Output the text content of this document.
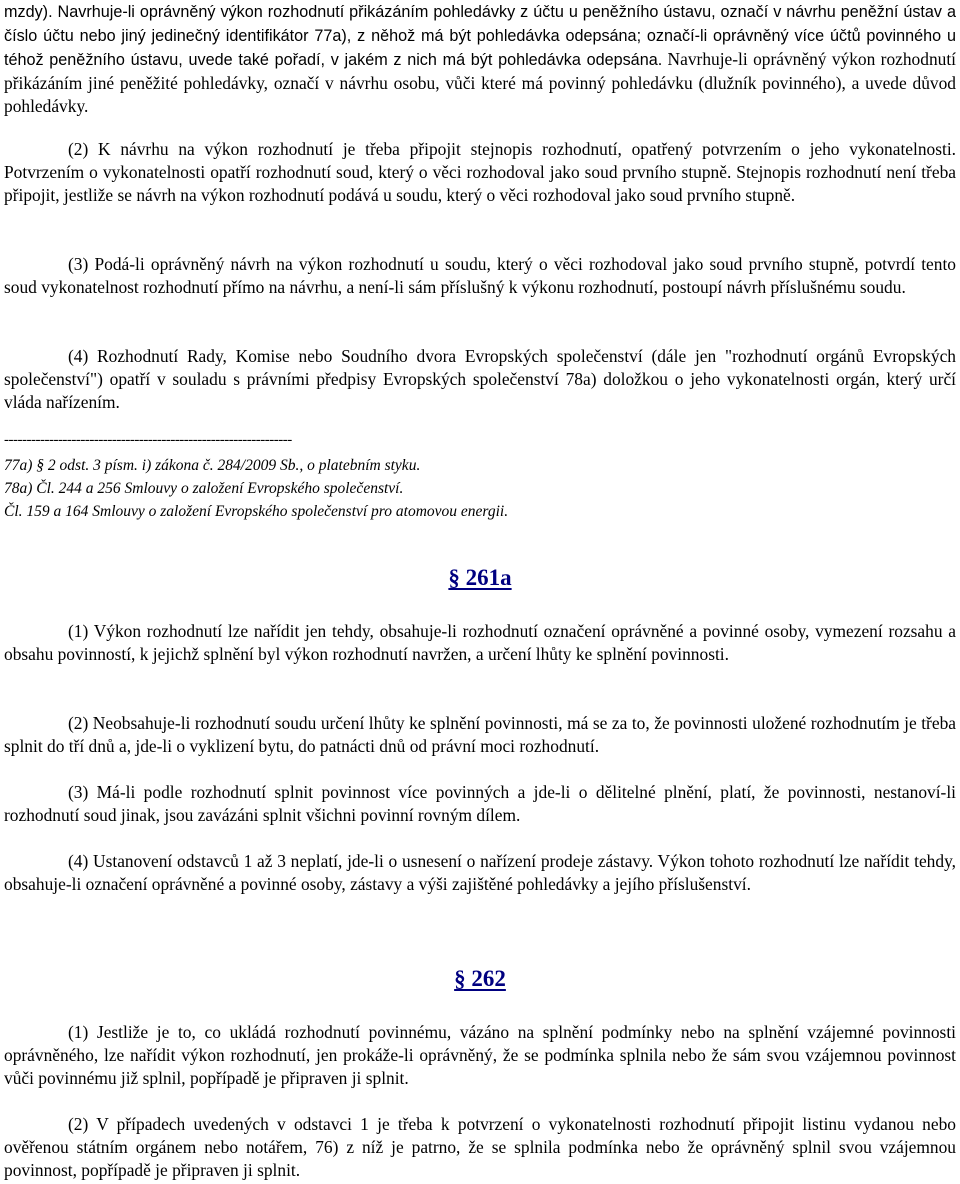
mzdy). Navrhuje-li oprávněný výkon rozhodnutí přikázáním pohledávky z účtu u peněžního ústavu, označí v návrhu peněžní ústav a číslo účtu nebo jiný jedinečný identifikátor 77a), z něhož má být pohledávka odepsána; označí-li oprávněný více účtů povinného u téhož peněžního ústavu, uvede také pořadí, v jakém z nich má být pohledávka odepsána. Navrhuje-li oprávněný výkon rozhodnutí přikázáním jiné peněžité pohledávky, označí v návrhu osobu, vůči které má povinný pohledávku (dlužník povinného), a uvede důvod pohledávky.

(2) K návrhu na výkon rozhodnutí je třeba připojit stejnopis rozhodnutí, opatřený potvrzením o jeho vykonatelnosti. Potvrzením o vykonatelnosti opatří rozhodnutí soud, který o věci rozhodoval jako soud prvního stupně. Stejnopis rozhodnutí není třeba připojit, jestliže se návrh na výkon rozhodnutí podává u soudu, který o věci rozhodoval jako soud prvního stupně.

(3) Podá-li oprávněný návrh na výkon rozhodnutí u soudu, který o věci rozhodoval jako soud prvního stupně, potvrdí tento soud vykonatelnost rozhodnutí přímo na návrhu, a není-li sám příslušný k výkonu rozhodnutí, postoupí návrh příslušnému soudu.

(4) Rozhodnutí Rady, Komise nebo Soudního dvora Evropských společenství (dále jen "rozhodnutí orgánů Evropských společenství") opatří v souladu s právními předpisy Evropských společenství 78a) doložkou o jeho vykonatelnosti orgán, který určí vláda nařízením.

----------------------------------------------------------------
77a) § 2 odst. 3 písm. i) zákona č. 284/2009 Sb., o platebním styku.
78a) Čl. 244 a 256 Smlouvy o založení Evropského společenství.
Čl. 159 a 164 Smlouvy o založení Evropského společenství pro atomovou energii.
§ 261a

(1) Výkon rozhodnutí lze nařídit jen tehdy, obsahuje-li rozhodnutí označení oprávněné a povinné osoby, vymezení rozsahu a obsahu povinností, k jejichž splnění byl výkon rozhodnutí navržen, a určení lhůty ke splnění povinnosti.

(2) Neobsahuje-li rozhodnutí soudu určení lhůty ke splnění povinnosti, má se za to, že povinnosti uložené rozhodnutím je třeba splnit do tří dnů a, jde-li o vyklizení bytu, do patnácti dnů od právní moci rozhodnutí.

(3) Má-li podle rozhodnutí splnit povinnost více povinných a jde-li o dělitelné plnění, platí, že povinnosti, nestanoví-li rozhodnutí soud jinak, jsou zavázáni splnit všichni povinní rovným dílem.

(4) Ustanovení odstavců 1 až 3 neplatí, jde-li o usnesení o nařízení prodeje zástavy. Výkon tohoto rozhodnutí lze nařídit tehdy, obsahuje-li označení oprávněné a povinné osoby, zástavy a výši zajištěné pohledávky a jejího příslušenství.

§ 262

(1) Jestliže je to, co ukládá rozhodnutí povinnému, vázáno na splnění podmínky nebo na splnění vzájemné povinnosti oprávněného, lze nařídit výkon rozhodnutí, jen prokáže-li oprávněný, že se podmínka splnila nebo že sám svou vzájemnou povinnost vůči povinnému již splnil, popřípadě je připraven ji splnit.

(2) V případech uvedených v odstavci 1 je třeba k potvrzení o vykonatelnosti rozhodnutí připojit listinu vydanou nebo ověřenou státním orgánem nebo notářem, 76) z níž je patrno, že se splnila podmínka nebo že oprávněný splnil svou vzájemnou povinnost, popřípadě je připraven ji splnit.
